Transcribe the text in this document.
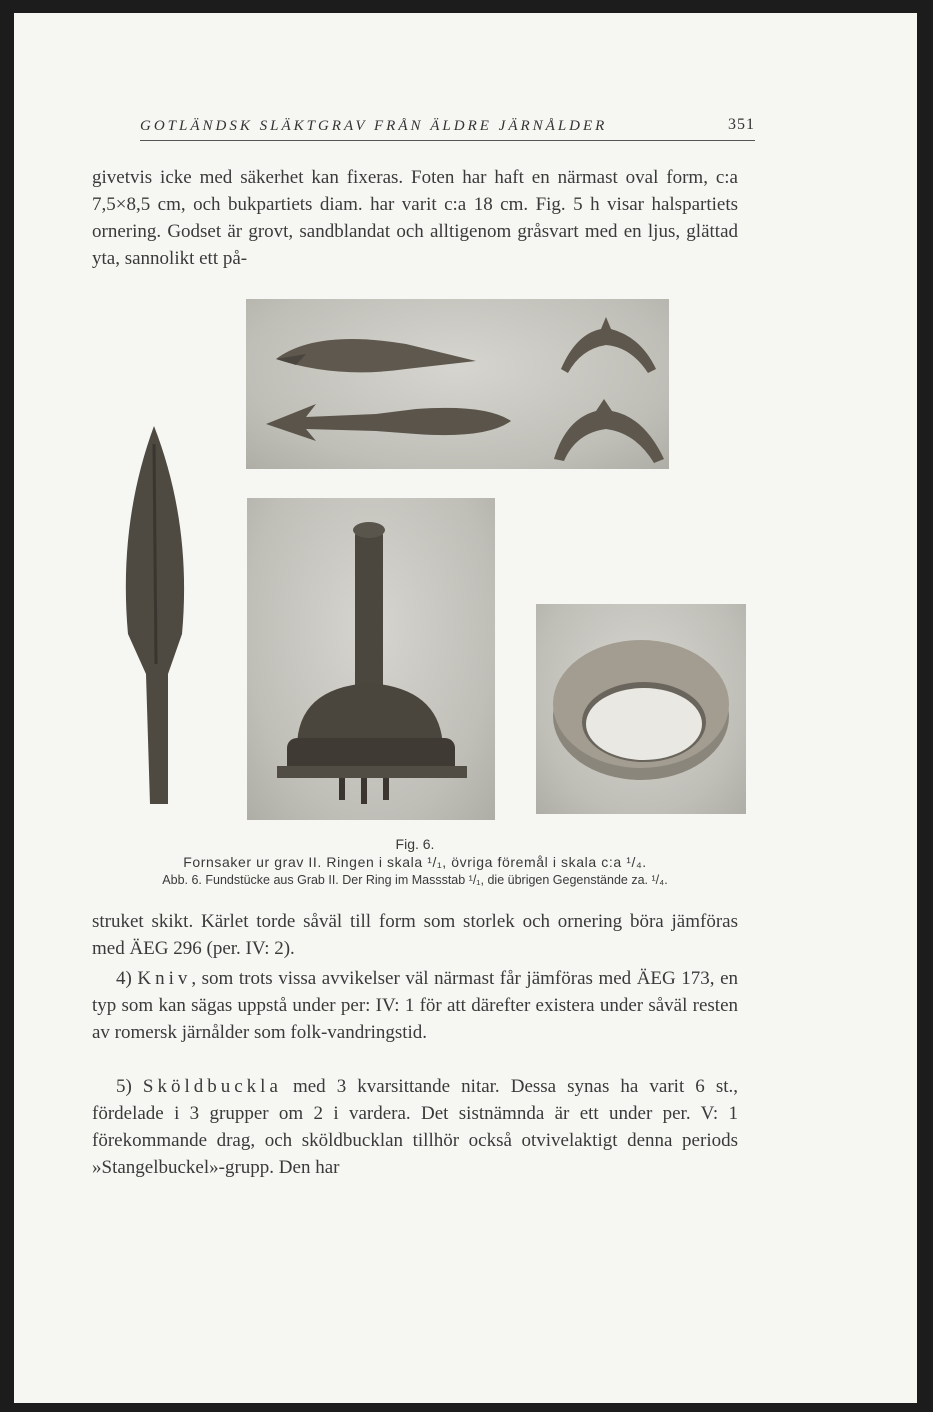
GOTLÄNDSK SLÄKTGRAV FRÅN ÄLDRE JÄRNÅLDER	351

givetvis icke med säkerhet kan fixeras. Foten har haft en närmast oval form, c:a 7,5×8,5 cm, och bukpartiets diam. har varit c:a 18 cm. Fig. 5 h visar halspartiets ornering. Godset är grovt, sandblandat och alltigenom gråsvart med en ljus, glättad yta, sannolikt ett på-

Fig. 6.

Fornsaker ur grav II. Ringen i skala ¹/₁, övriga föremål i skala c:a ¹/₄.

Abb. 6. Fundstücke aus Grab II. Der Ring im Massstab ¹/₁, die übrigen Gegenstände za. ¹/₄.

struket skikt. Kärlet torde såväl till form som storlek och ornering böra jämföras med ÄEG 296 (per. IV: 2).

4) Kniv, som trots vissa avvikelser väl närmast får jämföras med ÄEG 173, en typ som kan sägas uppstå under per: IV: 1 för att därefter existera under såväl resten av romersk järnålder som folk-vandringstid.

5) Sköldbuckla med 3 kvarsittande nitar. Dessa synas ha varit 6 st., fördelade i 3 grupper om 2 i vardera. Det sistnämnda är ett under per. V: 1 förekommande drag, och sköldbucklan tillhör också otvivelaktigt denna periods »Stangelbuckel»-grupp. Den har
